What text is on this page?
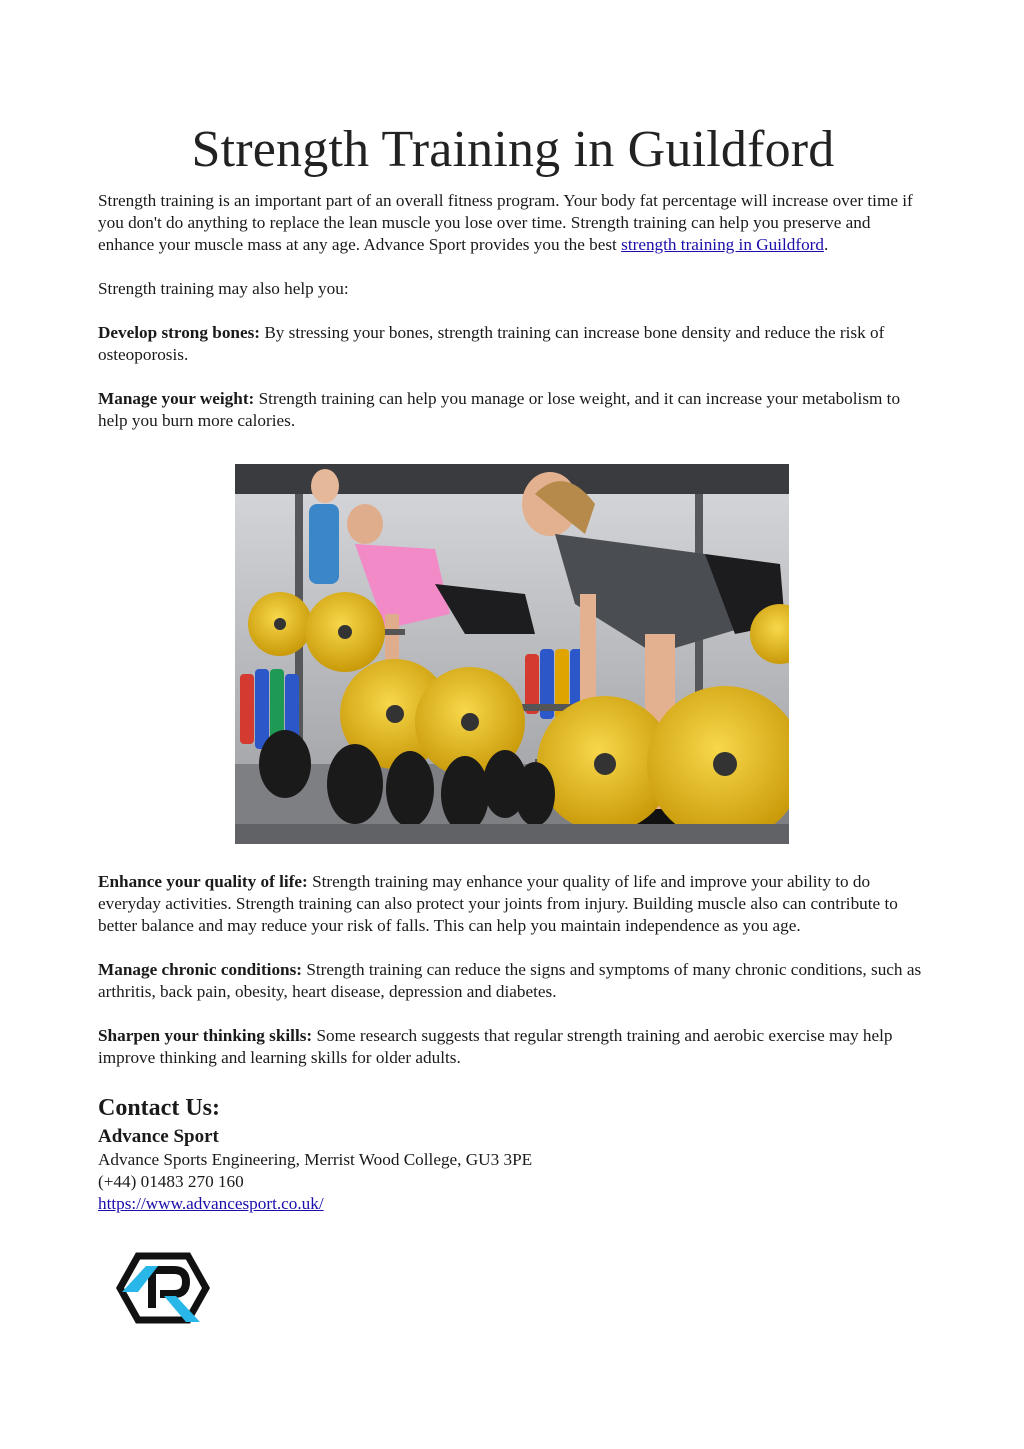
Strength Training in Guildford

Strength training is an important part of an overall fitness program. Your body fat percentage will increase over time if you don't do anything to replace the lean muscle you lose over time. Strength training can help you preserve and enhance your muscle mass at any age. Advance Sport provides you the best strength training in Guildford.

Strength training may also help you:

Develop strong bones: By stressing your bones, strength training can increase bone density and reduce the risk of osteoporosis.

Manage your weight: Strength training can help you manage or lose weight, and it can increase your metabolism to help you burn more calories.

Enhance your quality of life: Strength training may enhance your quality of life and improve your ability to do everyday activities. Strength training can also protect your joints from injury. Building muscle also can contribute to better balance and may reduce your risk of falls. This can help you maintain independence as you age.

Manage chronic conditions: Strength training can reduce the signs and symptoms of many chronic conditions, such as arthritis, back pain, obesity, heart disease, depression and diabetes.

Sharpen your thinking skills: Some research suggests that regular strength training and aerobic exercise may help improve thinking and learning skills for older adults.

Contact Us:
Advance Sport

Advance Sports Engineering, Merrist Wood College, GU3 3PE

(+44) 01483 270 160

https://www.advancesport.co.uk/
